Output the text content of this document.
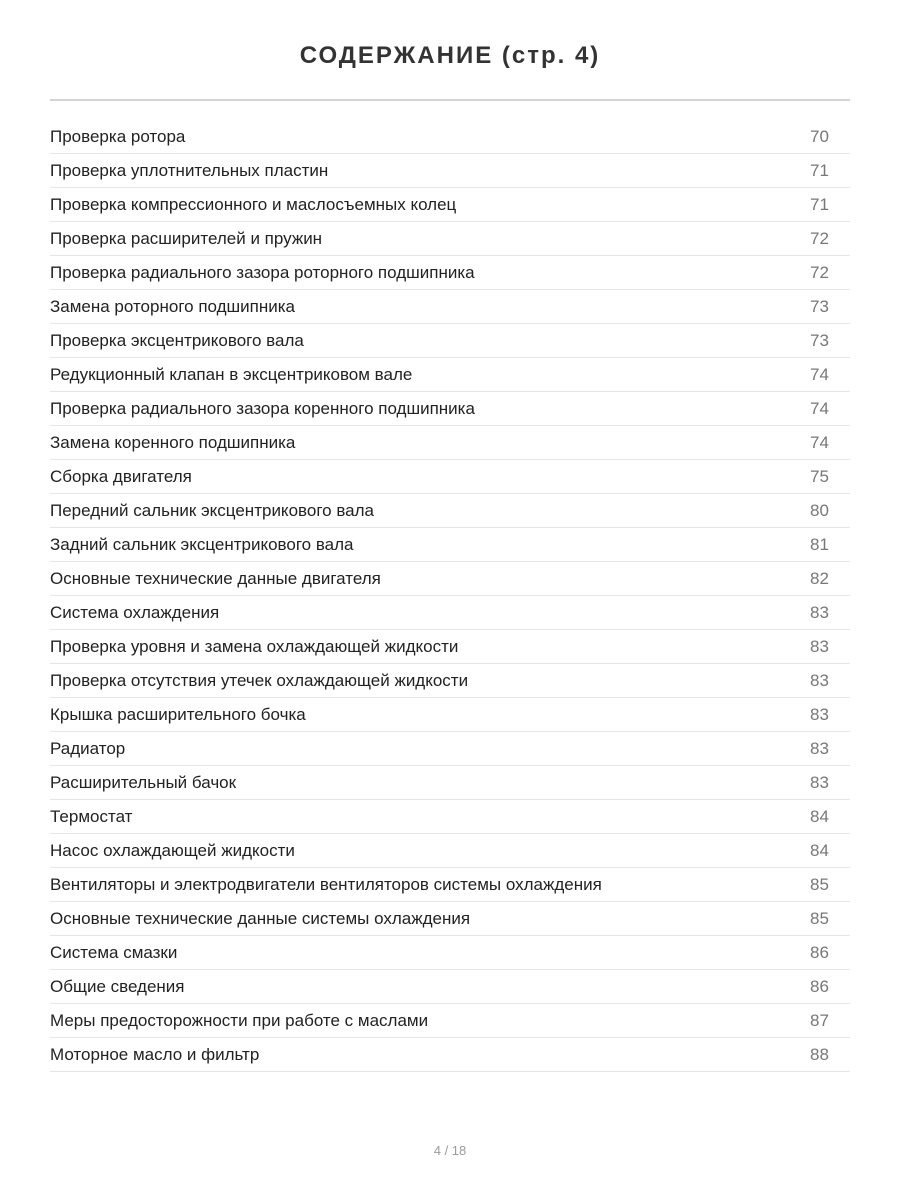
СОДЕРЖАНИЕ (стр. 4)
Проверка ротора	70
Проверка уплотнительных пластин	71
Проверка компрессионного и маслосъемных колец	71
Проверка расширителей и пружин	72
Проверка радиального зазора роторного подшипника	72
Замена роторного подшипника	73
Проверка эксцентрикового вала	73
Редукционный клапан в эксцентриковом вале	74
Проверка радиального зазора коренного подшипника	74
Замена коренного подшипника	74
Сборка двигателя	75
Передний сальник эксцентрикового вала	80
Задний сальник эксцентрикового вала	81
Основные технические данные двигателя	82
Система охлаждения	83
Проверка уровня и замена охлаждающей жидкости	83
Проверка отсутствия утечек охлаждающей жидкости	83
Крышка расширительного бочка	83
Радиатор	83
Расширительный бачок	83
Термостат	84
Насос охлаждающей жидкости	84
Вентиляторы и электродвигатели вентиляторов системы охлаждения	85
Основные технические данные системы охлаждения	85
Система смазки	86
Общие сведения	86
Меры предосторожности при работе с маслами	87
Моторное масло и фильтр	88
4 / 18
